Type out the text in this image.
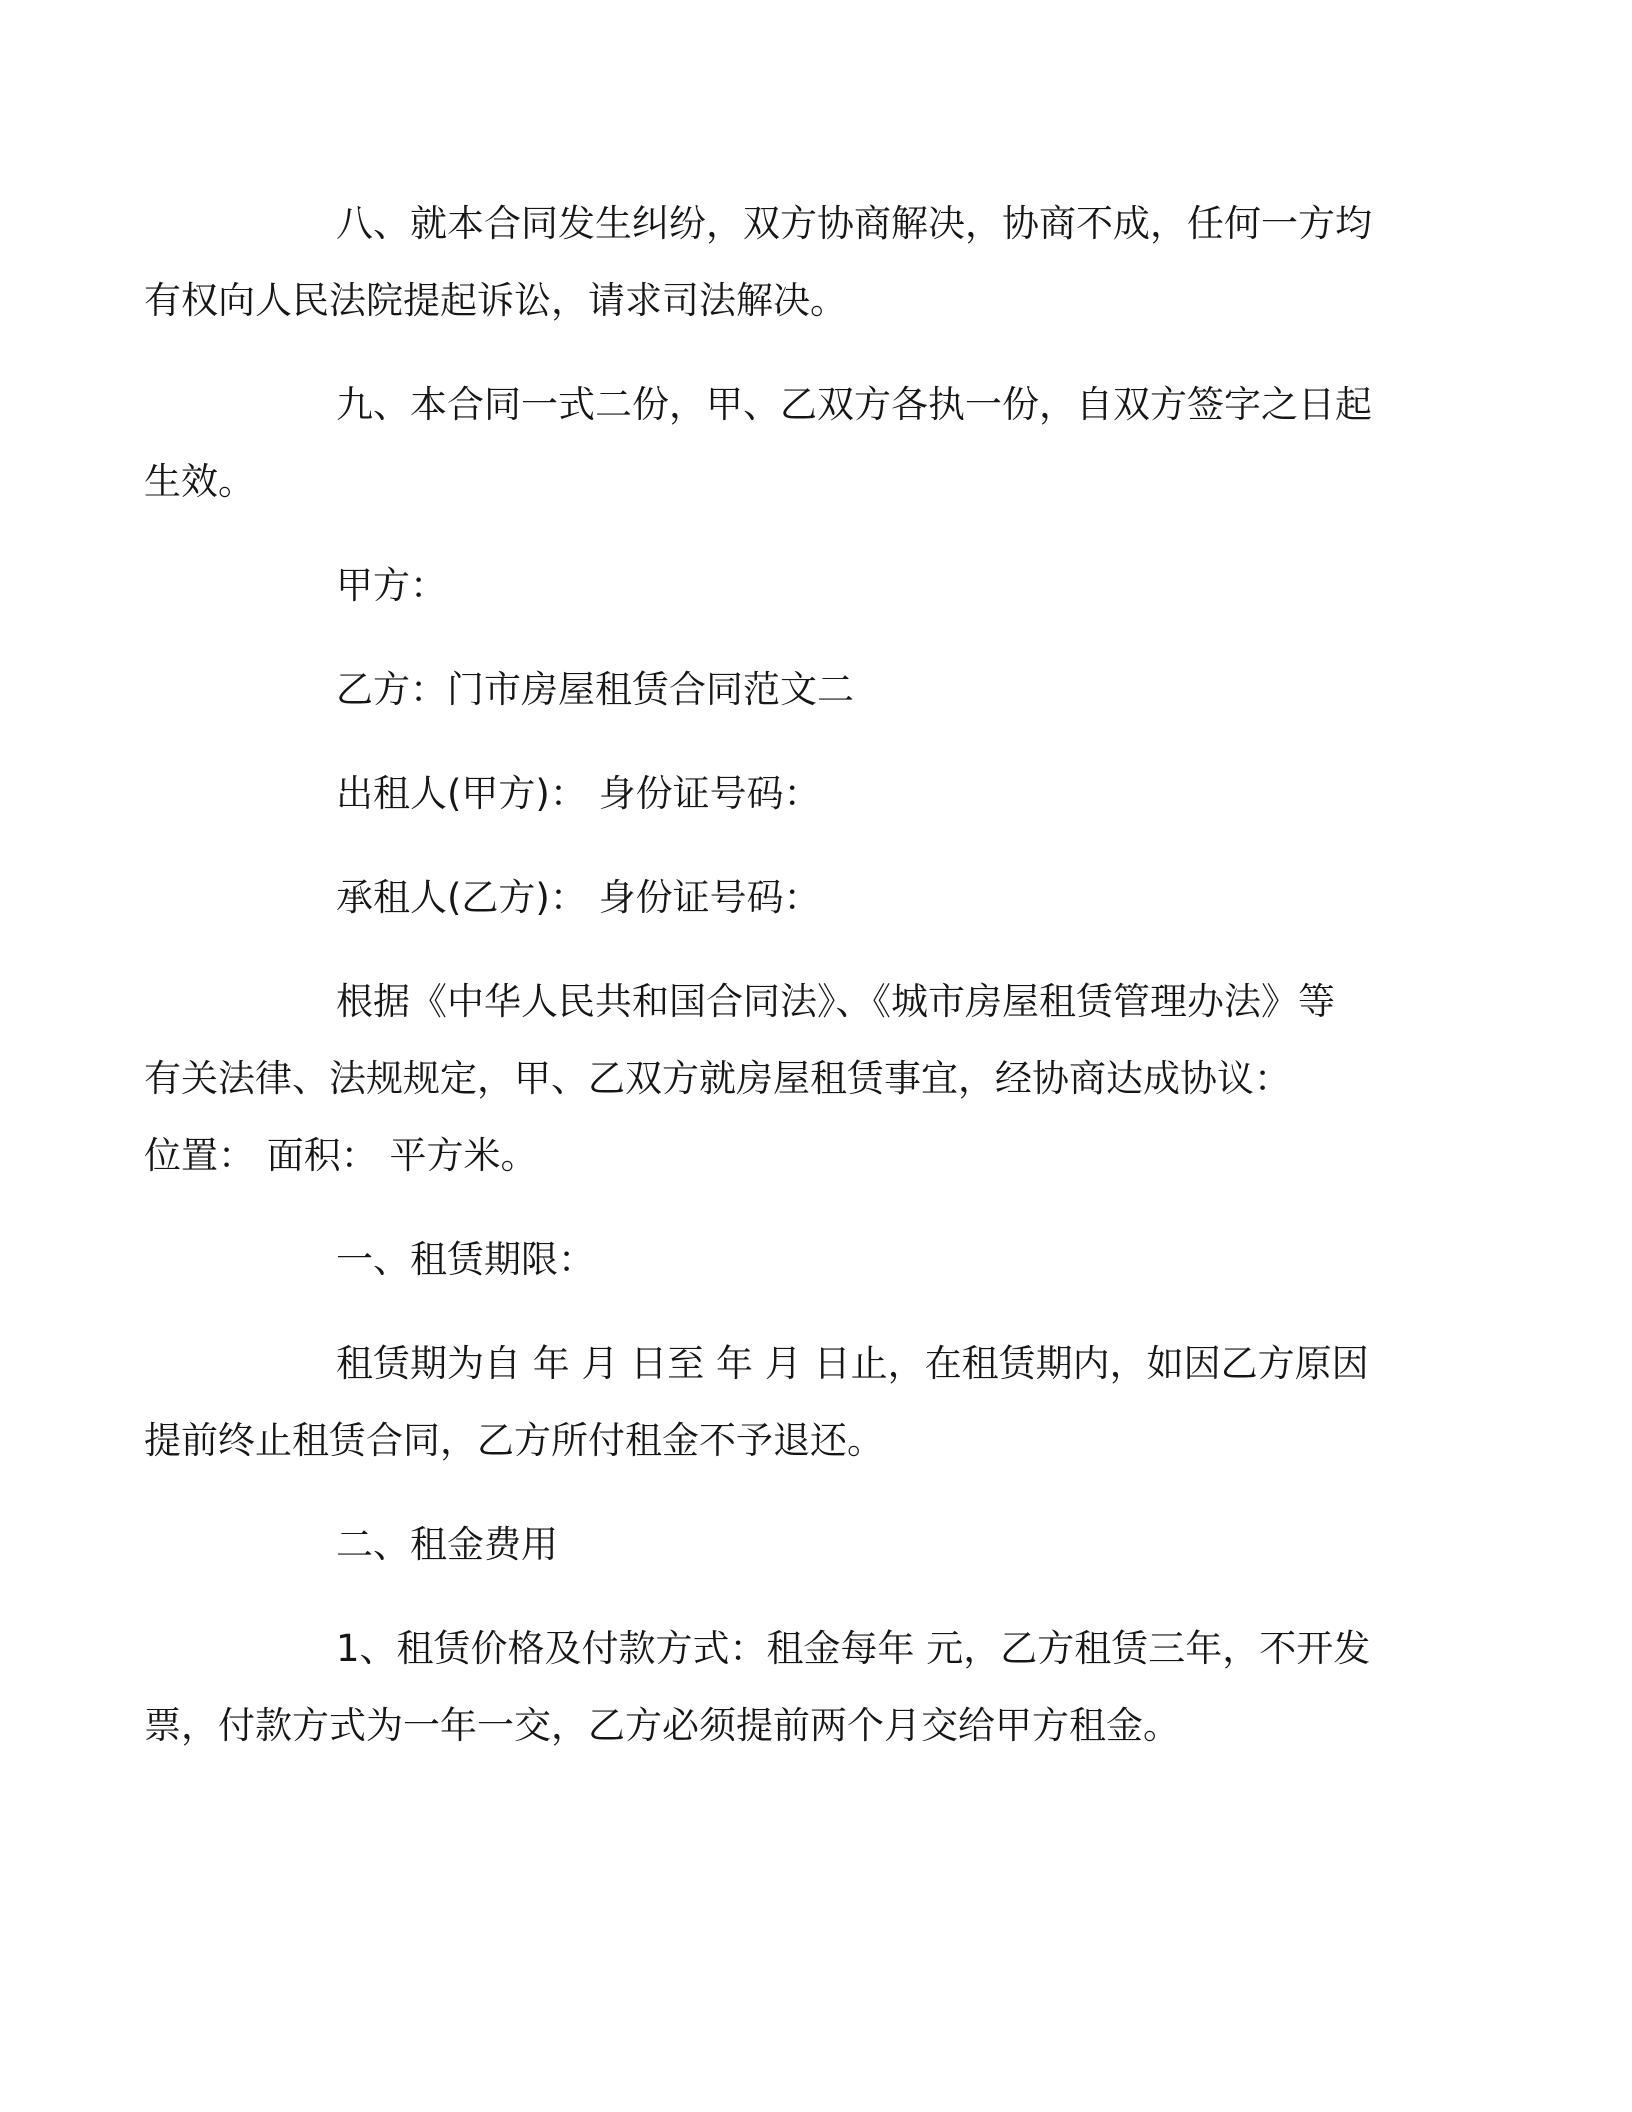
八、就本合同发生纠纷，双方协商解决，协商不成，任何一方均
有权向人民法院提起诉讼，请求司法解决。

九、本合同一式二份，甲、乙双方各执一份，自双方签字之日起
生效。

甲方：

乙方：门市房屋租赁合同范文二

出租人(甲方)： 身份证号码：

承租人(乙方)： 身份证号码：

根据《中华人民共和国合同法》、《城市房屋租赁管理办法》等
有关法律、法规规定，甲、乙双方就房屋租赁事宜，经协商达成协议：
位置： 面积： 平方米。

一、租赁期限：

租赁期为自 年 月 日至 年 月 日止，在租赁期内，如因乙方原因
提前终止租赁合同，乙方所付租金不予退还。

二、租金费用

1、租赁价格及付款方式：租金每年 元，乙方租赁三年，不开发
票，付款方式为一年一交，乙方必须提前两个月交给甲方租金。
